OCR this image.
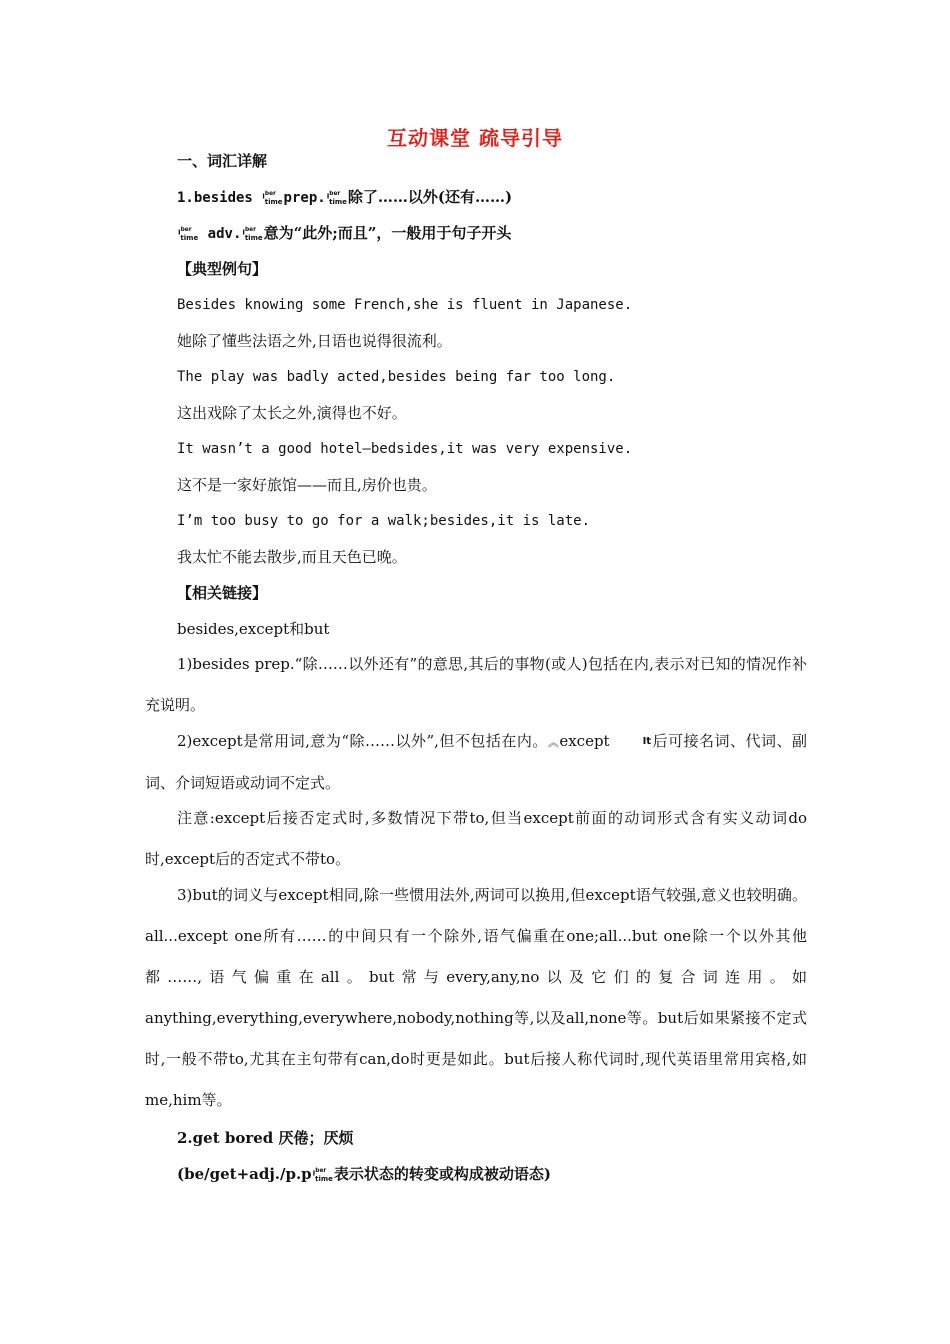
互动课堂 疏导引导
一、词汇详解
1.besides $I^{ber}$
$timeprep.I^{ber}$
time除了……以外(还有……)
$I^{ber}$
time $adv.I^{ber}$
time意为“此外;而且”，一般用于句子开头
【典型例句】
Besides knowing some French,she is fluent in Japanese.
她除了懂些法语之外,日语也说得很流利。
The play was badly acted,besides being far too long.
这出戏除了太长之外,演得也不好。
It wasn’t a good hotel—bedsides,it was very expensive.
这不是一家好旅馆——而且,房价也贵。
I’m too busy to go for a walk;besides,it is late.
我太忙不能去散步,而且天色已晚。
【相关链接】
besides,except和but
1)besides prep.“除……以外还有”的意思,其后的事物(或人)包括在内,表示对已知的情况作补充说明。
2)except是常用词,意为“除……以外”,但不包括在内。︽except	It后可接名词、代词、副词、介词短语或动词不定式。
注意:except后接否定式时,多数情况下带to,但当except前面的动词形式含有实义动词do时,except后的否定式不带to。
3)but的词义与except相同,除一些惯用法外,两词可以换用,但except语气较强,意义也较明确。all...except one所有……的中间只有一个除外,语气偏重在one;all...but one除一个以外其他都……,语气偏重在all。but常与every,any,no以及它们的复合词连用。如anything,everything,everywhere,nobody,nothing等,以及all,none等。but后如果紧接不定式时,一般不带to,尤其在主句带有can,do时更是如此。but后接人称代词时,现代英语里常用宾格,如me,him等。
2.get bored 厌倦；厌烦
($be/get+adj./p.pI^{ber}$
time表示状态的转变或构成被动语态)
